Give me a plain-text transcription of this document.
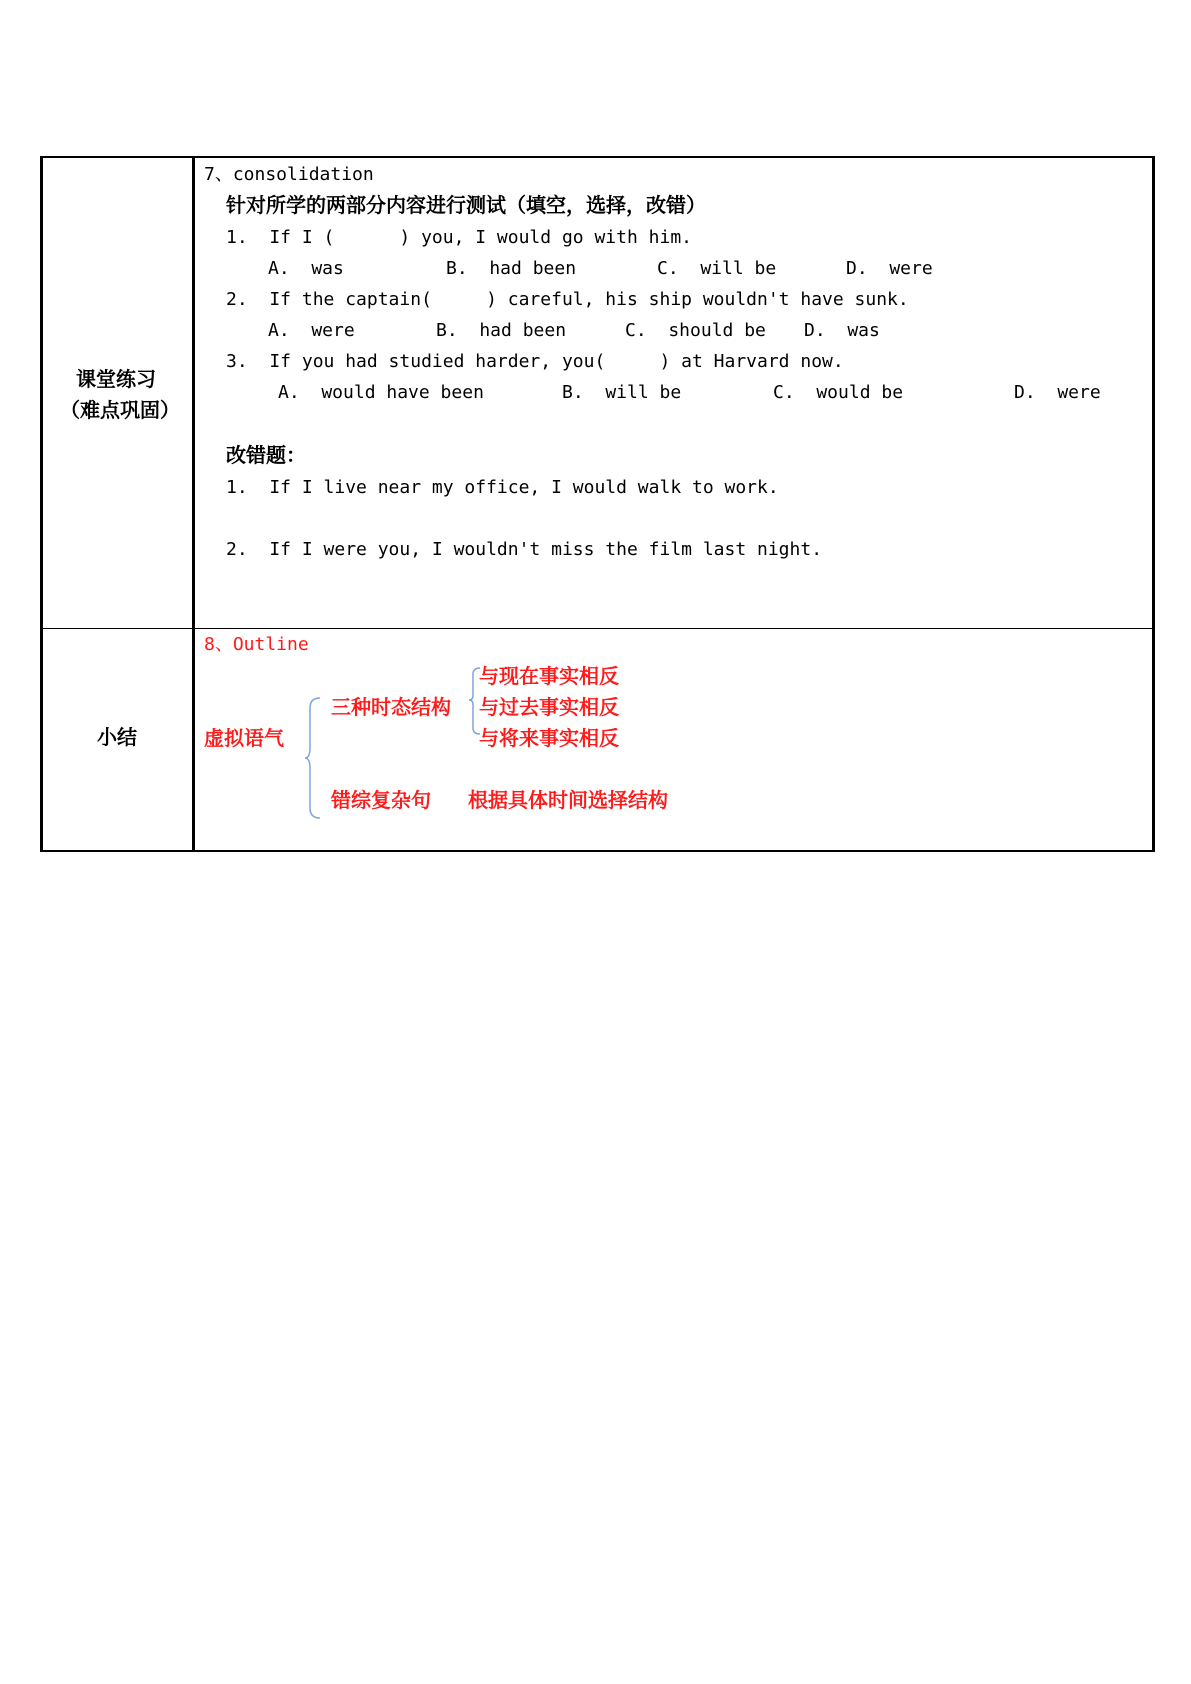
课堂练习
（难点巩固）
7、consolidation
针对所学的两部分内容进行测试（填空，选择，改错）
1.  If I (      ) you, I would go with him.
A.  was	B.  had been	C.  will be	D.  were
2.  If the captain(     ) careful, his ship wouldn't have sunk.
A.  were	B.  had been	C.  should be D.  was
3.  If you had studied harder, you(     ) at Harvard now.
A.  would have been	B.  will be	C.  would be	D.  were
改错题：
1.  If I live near my office, I would walk to work.
2.  If I were you, I wouldn't miss the film last night.
小结
8、Outline
虚拟语气
三种时态结构
与现在事实相反
与过去事实相反
与将来事实相反
错综复杂句 根据具体时间选择结构
